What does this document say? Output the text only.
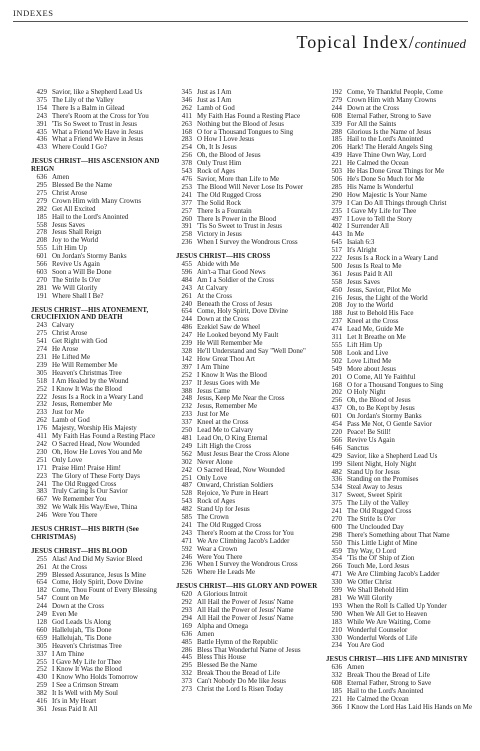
INDEXES
Topical Index/continued
429 Savior, like a Shepherd Lead Us
375 The Lily of the Valley
154 There Is a Balm in Gilead
243 There's Room at the Cross for You
391 'Tis So Sweet to Trust in Jesus
435 What a Friend We Have in Jesus
436 What a Friend We Have in Jesus
433 Where Could I Go?
JESUS CHRIST—HIS ASCENSION AND REIGN
636 Amen
295 Blessed Be the Name
275 Christ Arose
279 Crown Him with Many Crowns
282 Get All Excited
185 Hail to the Lord's Anointed
558 Jesus Saves
278 Jesus Shall Reign
208 Joy to the World
555 Lift Him Up
601 On Jordan's Stormy Banks
566 Revive Us Again
603 Soon a Will Be Done
270 The Strife Is O'er
281 We Will Glorify
191 Where Shall I Be?
JESUS CHRIST—HIS ATONEMENT, CRUCIFIXION AND DEATH
243 Calvary
275 Christ Arose
541 Get Right with God
274 He Arose
231 He Lifted Me
239 He Will Remember Me
305 Heaven's Christmas Tree
518 I Am Healed by the Wound
252 I Know It Was the Blood
222 Jesus Is a Rock in a Weary Land
232 Jesus, Remember Me
233 Just for Me
262 Lamb of God
176 Majesty, Worship His Majesty
411 My Faith Has Found a Resting Place
242 O Sacred Head, Now Wounded
230 Oh, How He Loves You and Me
251 Only Love
171 Praise Him! Praise Him!
223 The Glory of These Forty Days
241 The Old Rugged Cross
383 Truly Caring Is Our Savior
667 We Remember You
392 We Walk His Way/Ewe, Thina
246 Were You There
JESUS CHRIST—HIS BIRTH (See CHRISTMAS)
JESUS CHRIST—HIS BLOOD
255 Alas! And Did My Savior Bleed
261 At the Cross
299 Blessed Assurance, Jesus Is Mine
654 Come, Holy Spirit, Dove Divine
182 Come, Thou Fount of Every Blessing
547 Count on Me
244 Down at the Cross
249 Even Me
128 God Leads Us Along
660 Hallelujah, 'Tis Done
659 Hallelujah, 'Tis Done
305 Heaven's Christmas Tree
337 I Am Thine
255 I Gave My Life for Thee
252 I Know It Was the Blood
430 I Know Who Holds Tomorrow
259 I See a Crimson Stream
382 It Is Well with My Soul
416 It's in My Heart
361 Jesus Paid It All
345 Just as I Am
346 Just as I Am
262 Lamb of God
411 My Faith Has Found a Resting Place
263 Nothing but the Blood of Jesus
168 O for a Thousand Tongues to Sing
283 O How I Love Jesus
254 Oh, It Is Jesus
256 Oh, the Blood of Jesus
378 Only Trust Him
543 Rock of Ages
476 Savior, More than Life to Me
253 The Blood Will Never Lose Its Power
241 The Old Rugged Cross
377 The Solid Rock
257 There Is a Fountain
260 There Is Power in the Blood
391 'Tis So Sweet to Trust in Jesus
258 Victory in Jesus
236 When I Survey the Wondrous Cross
JESUS CHRIST—HIS CROSS
455 Abide with Me
596 Ain't-a That Good News
484 Am I a Soldier of the Cross
243 At Calvary
261 At the Cross
240 Beneath the Cross of Jesus
654 Come, Holy Spirit, Dove Divine
244 Down at the Cross
486 Ezekiel Saw de Wheel
247 He Looked beyond My Fault
239 He Will Remember Me
328 He'll Understand and Say "Well Done"
142 How Great Thou Art
397 I Am Thine
252 I Know It Was the Blood
237 If Jesus Goes with Me
388 Jesus Came
248 Jesus, Keep Me Near the Cross
232 Jesus, Remember Me
233 Just for Me
337 Kneel at the Cross
250 Lead Me to Calvary
481 Lead On, O King Eternal
249 Lift High the Cross
562 Must Jesus Bear the Cross Alone
302 Never Alone
242 O Sacred Head, Now Wounded
251 Only Love
487 Onward, Christian Soldiers
528 Rejoice, Ye Pure in Heart
543 Rock of Ages
482 Stand Up for Jesus
585 The Crown
241 The Old Rugged Cross
243 There's Room at the Cross for You
471 We Are Climbing Jacob's Ladder
592 Wear a Crown
246 Were You There
236 When I Survey the Wondrous Cross
526 Where He Leads Me
JESUS CHRIST—HIS GLORY AND POWER
620 A Glorious Introit
292 All Hail the Power of Jesus' Name
293 All Hail the Power of Jesus' Name
294 All Hail the Power of Jesus' Name
169 Alpha and Omega
636 Amen
485 Battle Hymn of the Republic
286 Bless That Wonderful Name of Jesus
445 Bless This House
295 Blessed Be the Name
332 Break Thou the Bread of Life
373 Can't Nobody Do Me like Jesus
273 Christ the Lord Is Risen Today
192 Come, Ye Thankful People, Come
279 Crown Him with Many Crowns
244 Down at the Cross
608 Eternal Father, Strong to Save
339 For All the Saints
288 Glorious Is the Name of Jesus
185 Hail to the Lord's Anointed
206 Hark! The Herald Angels Sing
439 Have Thine Own Way, Lord
221 He Calmed the Ocean
503 He Has Done Great Things for Me
506 He's Done So Much for Me
285 His Name Is Wonderful
290 How Majestic Is Your Name
379 I Can Do All Things through Christ
235 I Gave My Life for Thee
497 I Love to Tell the Story
402 I Surrender All
443 In Me
645 Isaiah 6:3
517 It's Alright
222 Jesus Is a Rock in a Weary Land
500 Jesus Is Real to Me
361 Jesus Paid It All
558 Jesus Saves
450 Jesus, Savior, Pilot Me
216 Jesus, the Light of the World
208 Joy to the World
188 Just to Behold His Face
237 Kneel at the Cross
474 Lead Me, Guide Me
311 Let It Breathe on Me
555 Lift Him Up
508 Look and Live
502 Love Lifted Me
549 More about Jesus
201 O Come, All Ye Faithful
168 O for a Thousand Tongues to Sing
202 O Holy Night
256 Oh, the Blood of Jesus
437 Oh, to Be Kept by Jesus
601 On Jordan's Stormy Banks
454 Pass Me Not, O Gentle Savior
220 Peace! Be Still!
566 Revive Us Again
646 Sanctus
429 Savior, like a Shepherd Lead Us
199 Silent Night, Holy Night
482 Stand Up for Jesus
336 Standing on the Promises
534 Steal Away to Jesus
317 Sweet, Sweet Spirit
375 The Lily of the Valley
241 The Old Rugged Cross
270 The Strife Is O'er
600 The Unclouded Day
298 There's Something about That Name
550 This Little Light of Mine
459 Thy Way, O Lord
354 'Tis the Ol' Ship of Zion
266 Touch Me, Lord Jesus
471 We Are Climbing Jacob's Ladder
330 We Offer Christ
599 We Shall Behold Him
281 We Will Glorify
193 When the Roll Is Called Up Yonder
590 When We All Get to Heaven
183 While We Are Waiting, Come
210 Wonderful Counselor
330 Wonderful Words of Life
234 You Are God
JESUS CHRIST—HIS LIFE AND MINISTRY
636 Amen
332 Break Thou the Bread of Life
608 Eternal Father, Strong to Save
185 Hail to the Lord's Anointed
221 He Calmed the Ocean
366 I Know the Lord Has Laid His Hands on Me
